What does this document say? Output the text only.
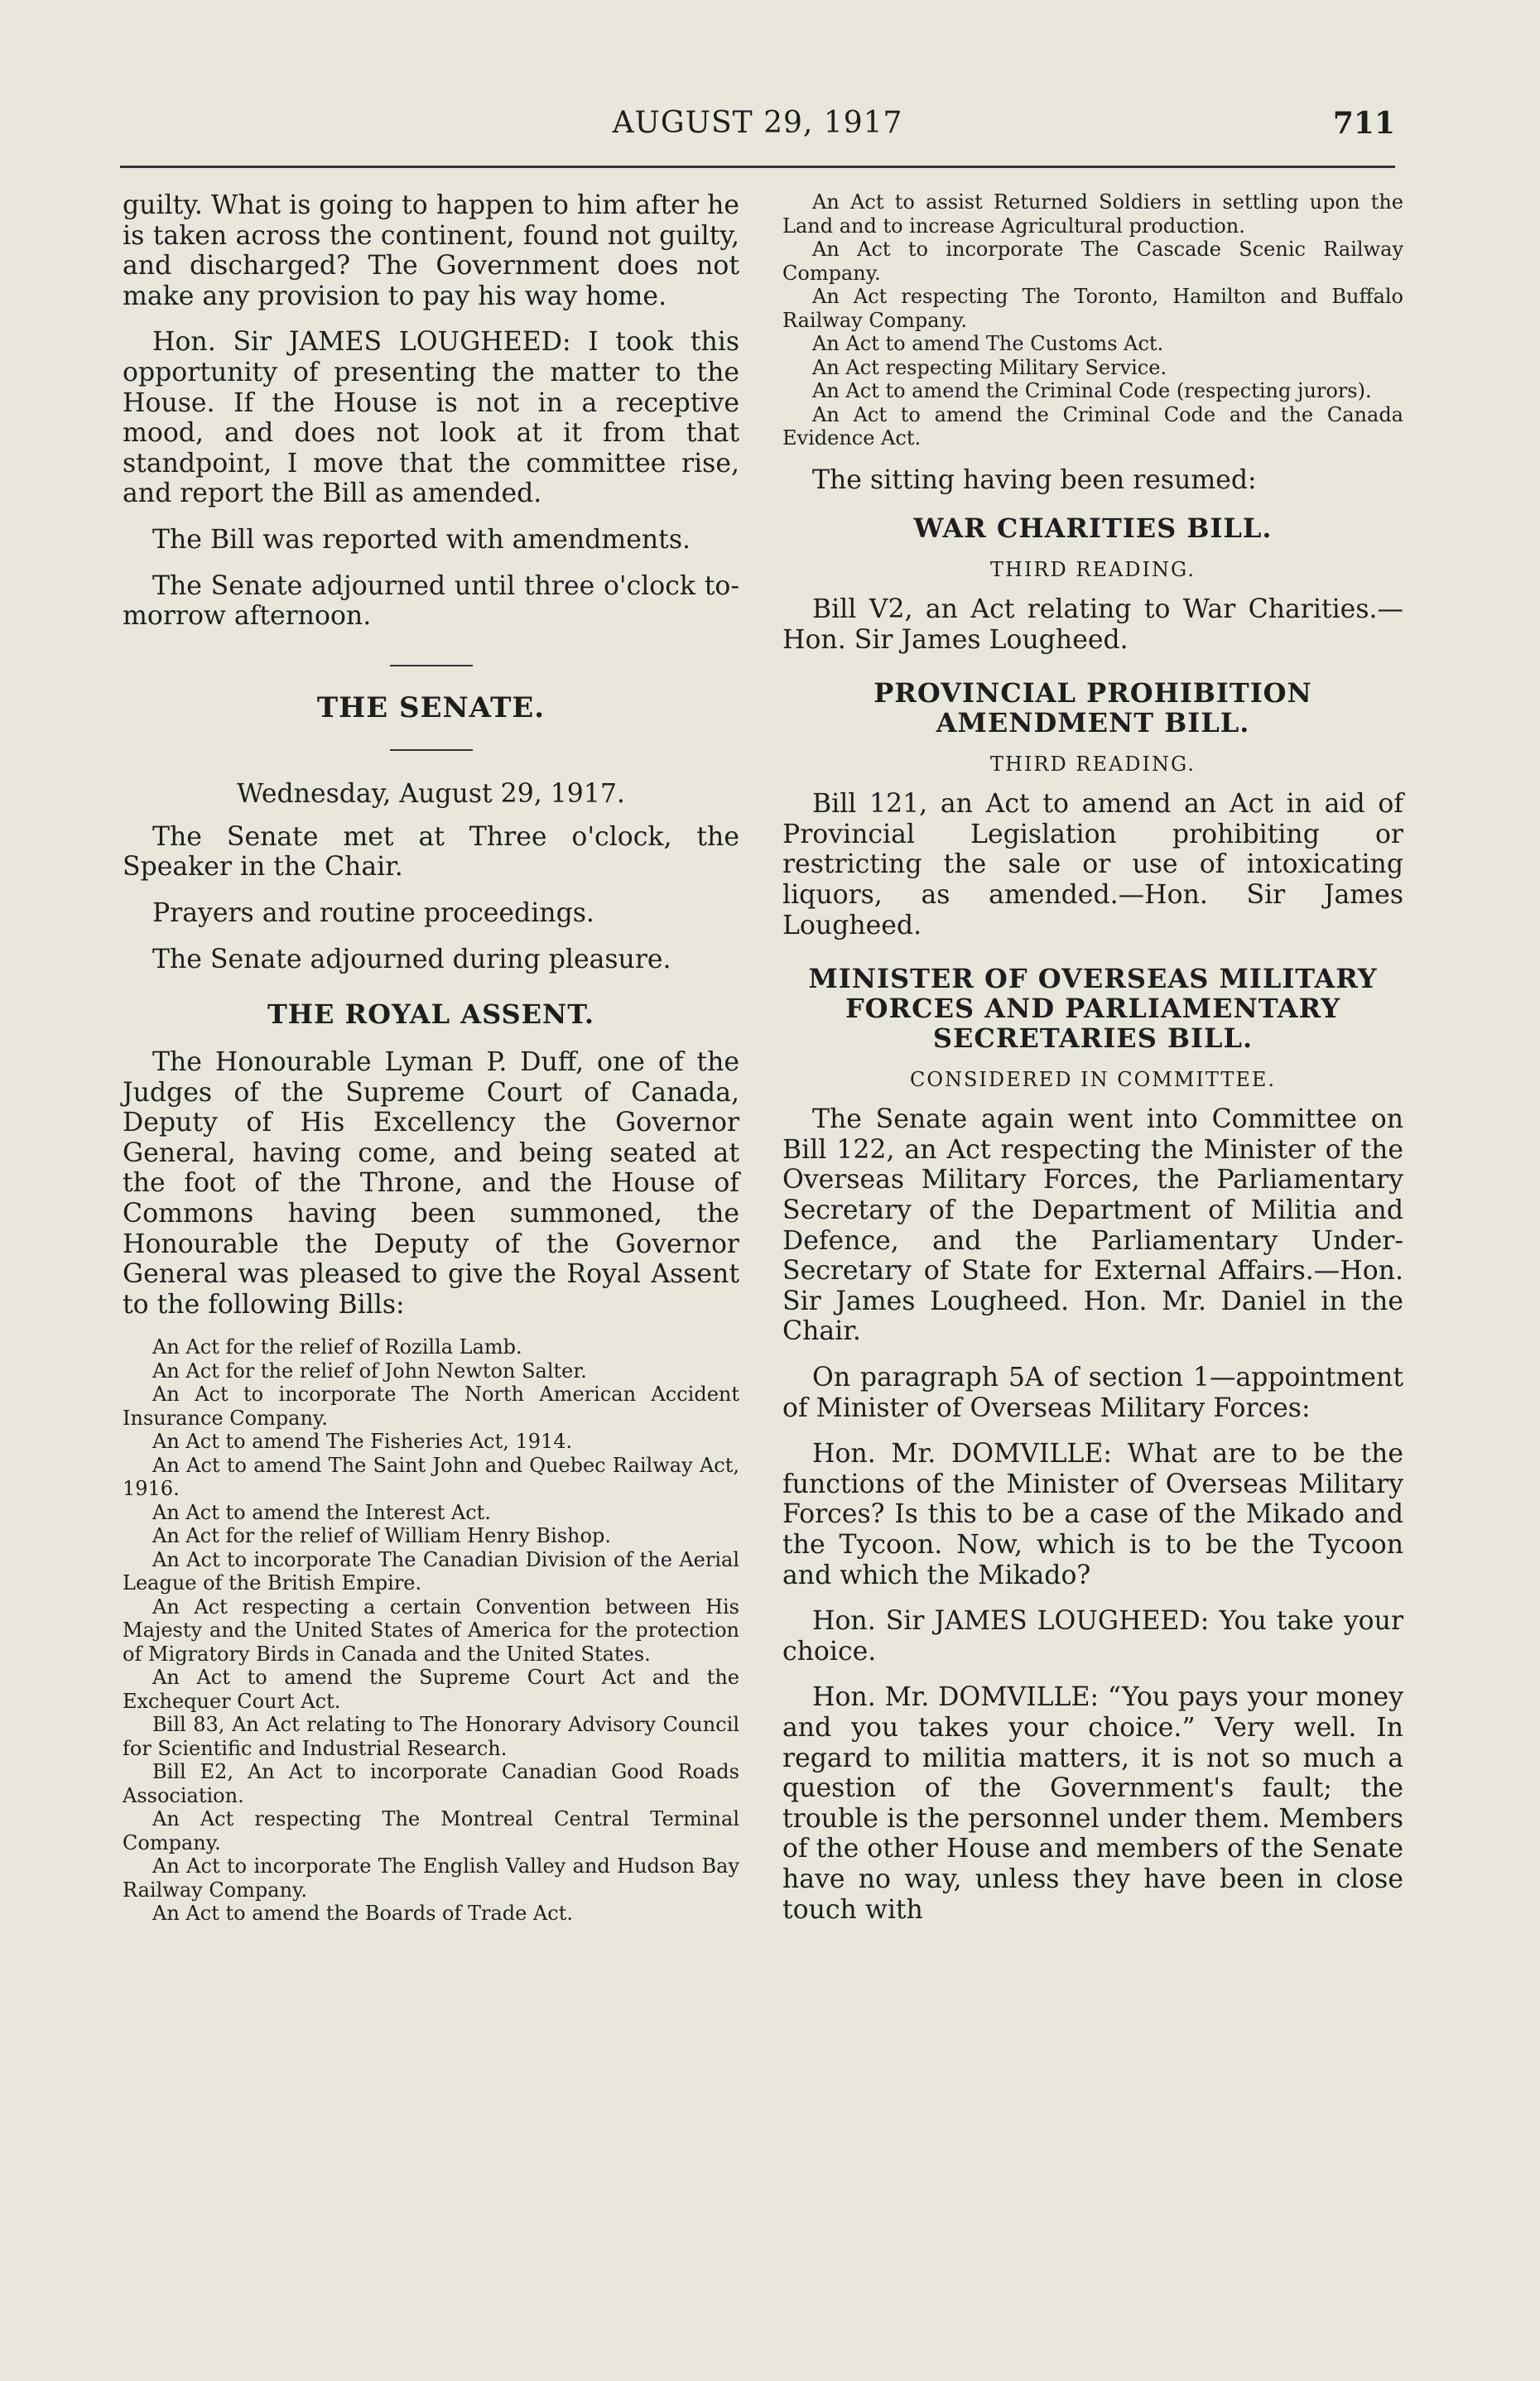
AUGUST 29, 1917	711

guilty. What is going to happen to him after he is taken across the continent, found not guilty, and discharged? The Government does not make any provision to pay his way home.

Hon. Sir JAMES LOUGHEED: I took this opportunity of presenting the matter to the House. If the House is not in a receptive mood, and does not look at it from that standpoint, I move that the committee rise, and report the Bill as amended.

The Bill was reported with amendments.

The Senate adjourned until three o'clock to-morrow afternoon.

THE SENATE.

Wednesday, August 29, 1917.

The Senate met at Three o'clock, the Speaker in the Chair.

Prayers and routine proceedings.

The Senate adjourned during pleasure.

THE ROYAL ASSENT.

The Honourable Lyman P. Duff, one of the Judges of the Supreme Court of Canada, Deputy of His Excellency the Governor General, having come, and being seated at the foot of the Throne, and the House of Commons having been summoned, the Honourable the Deputy of the Governor General was pleased to give the Royal Assent to the following Bills:

An Act for the relief of Rozilla Lamb.

An Act for the relief of John Newton Salter.

An Act to incorporate The North American Accident Insurance Company.

An Act to amend The Fisheries Act, 1914.

An Act to amend The Saint John and Quebec Railway Act, 1916.

An Act to amend the Interest Act.

An Act for the relief of William Henry Bishop.

An Act to incorporate The Canadian Division of the Aerial League of the British Empire.

An Act respecting a certain Convention between His Majesty and the United States of America for the protection of Migratory Birds in Canada and the United States.

An Act to amend the Supreme Court Act and the Exchequer Court Act.

Bill 83, An Act relating to The Honorary Advisory Council for Scientific and Industrial Research.

Bill E2, An Act to incorporate Canadian Good Roads Association.

An Act respecting The Montreal Central Terminal Company.

An Act to incorporate The English Valley and Hudson Bay Railway Company.

An Act to amend the Boards of Trade Act.

An Act to assist Returned Soldiers in settling upon the Land and to increase Agricultural production.

An Act to incorporate The Cascade Scenic Railway Company.

An Act respecting The Toronto, Hamilton and Buffalo Railway Company.

An Act to amend The Customs Act.

An Act respecting Military Service.

An Act to amend the Criminal Code (respecting jurors).

An Act to amend the Criminal Code and the Canada Evidence Act.

The sitting having been resumed:

WAR CHARITIES BILL.

THIRD READING.

Bill V2, an Act relating to War Charities.—Hon. Sir James Lougheed.

PROVINCIAL PROHIBITION AMENDMENT BILL.

THIRD READING.

Bill 121, an Act to amend an Act in aid of Provincial Legislation prohibiting or restricting the sale or use of intoxicating liquors, as amended.—Hon. Sir James Lougheed.

MINISTER OF OVERSEAS MILITARY FORCES AND PARLIAMENTARY SECRETARIES BILL.

CONSIDERED IN COMMITTEE.

The Senate again went into Committee on Bill 122, an Act respecting the Minister of the Overseas Military Forces, the Parliamentary Secretary of the Department of Militia and Defence, and the Parliamentary Under-Secretary of State for External Affairs.—Hon. Sir James Lougheed. Hon. Mr. Daniel in the Chair.

On paragraph 5A of section 1—appointment of Minister of Overseas Military Forces:

Hon. Mr. DOMVILLE: What are to be the functions of the Minister of Overseas Military Forces? Is this to be a case of the Mikado and the Tycoon. Now, which is to be the Tycoon and which the Mikado?

Hon. Sir JAMES LOUGHEED: You take your choice.

Hon. Mr. DOMVILLE: “You pays your money and you takes your choice.” Very well. In regard to militia matters, it is not so much a question of the Government's fault; the trouble is the personnel under them. Members of the other House and members of the Senate have no way, unless they have been in close touch with
